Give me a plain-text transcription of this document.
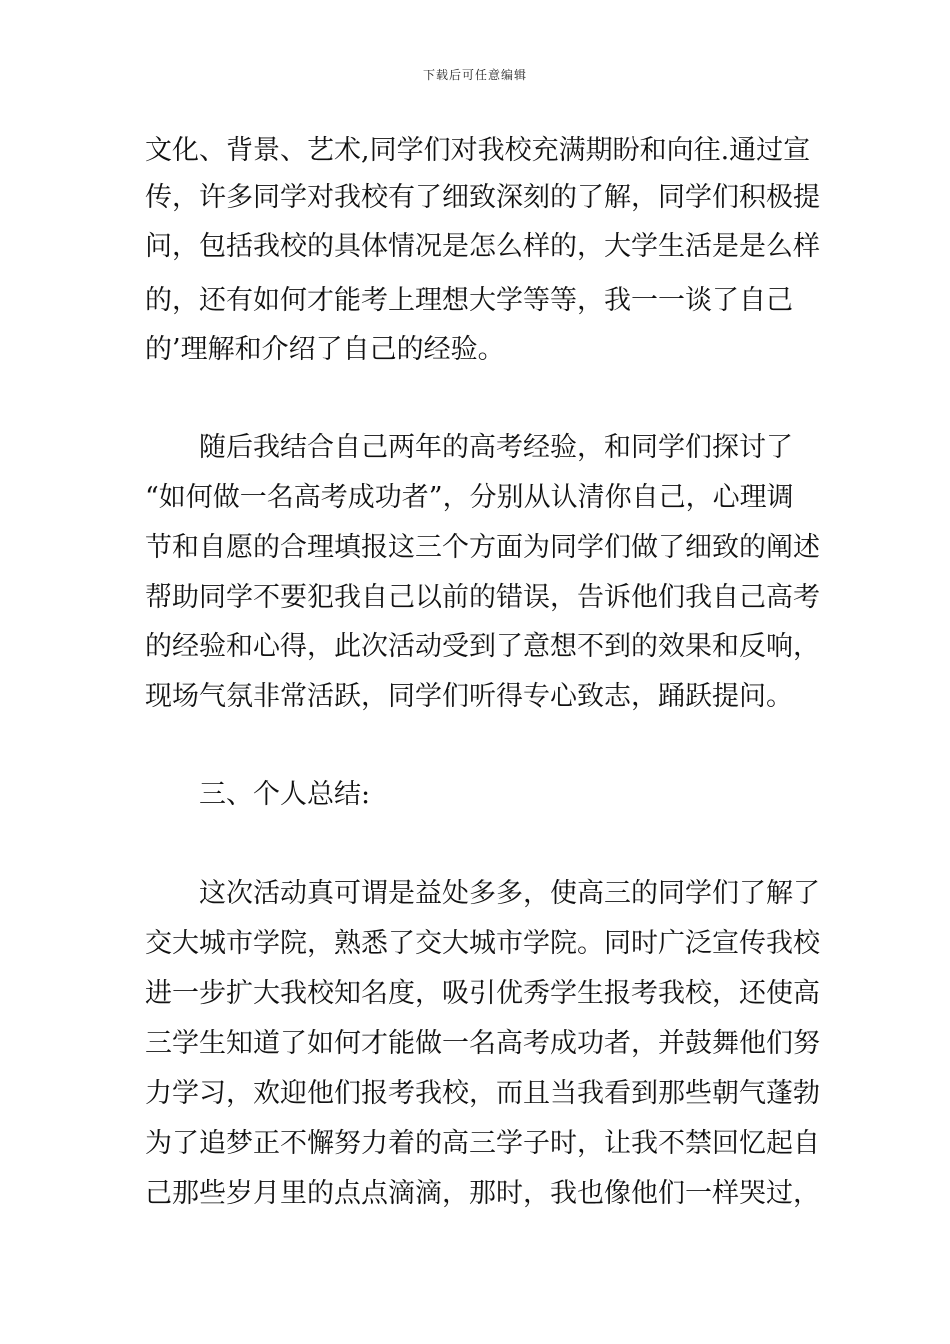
下载后可任意编辑
文化、背景、艺术,同学们对我校充满期盼和向往.通过宣
传，许多同学对我校有了细致深刻的了解，同学们积极提
问，包括我校的具体情况是怎么样的，大学生活是是么样
的，还有如何才能考上理想大学等等，我一一谈了自己
的’理解和介绍了自己的经验。
　　随后我结合自己两年的高考经验，和同学们探讨了
“如何做一名高考成功者”，分别从认清你自己，心理调
节和自愿的合理填报这三个方面为同学们做了细致的阐述
帮助同学不要犯我自己以前的错误，告诉他们我自己高考
的经验和心得，此次活动受到了意想不到的效果和反响，
现场气氛非常活跃，同学们听得专心致志，踊跃提问。
　　三、个人总结:
　　这次活动真可谓是益处多多，使高三的同学们了解了
交大城市学院，熟悉了交大城市学院。同时广泛宣传我校
进一步扩大我校知名度，吸引优秀学生报考我校，还使高
三学生知道了如何才能做一名高考成功者，并鼓舞他们努
力学习，欢迎他们报考我校，而且当我看到那些朝气蓬勃
为了追梦正不懈努力着的高三学子时，让我不禁回忆起自
己那些岁月里的点点滴滴，那时，我也像他们一样哭过，
